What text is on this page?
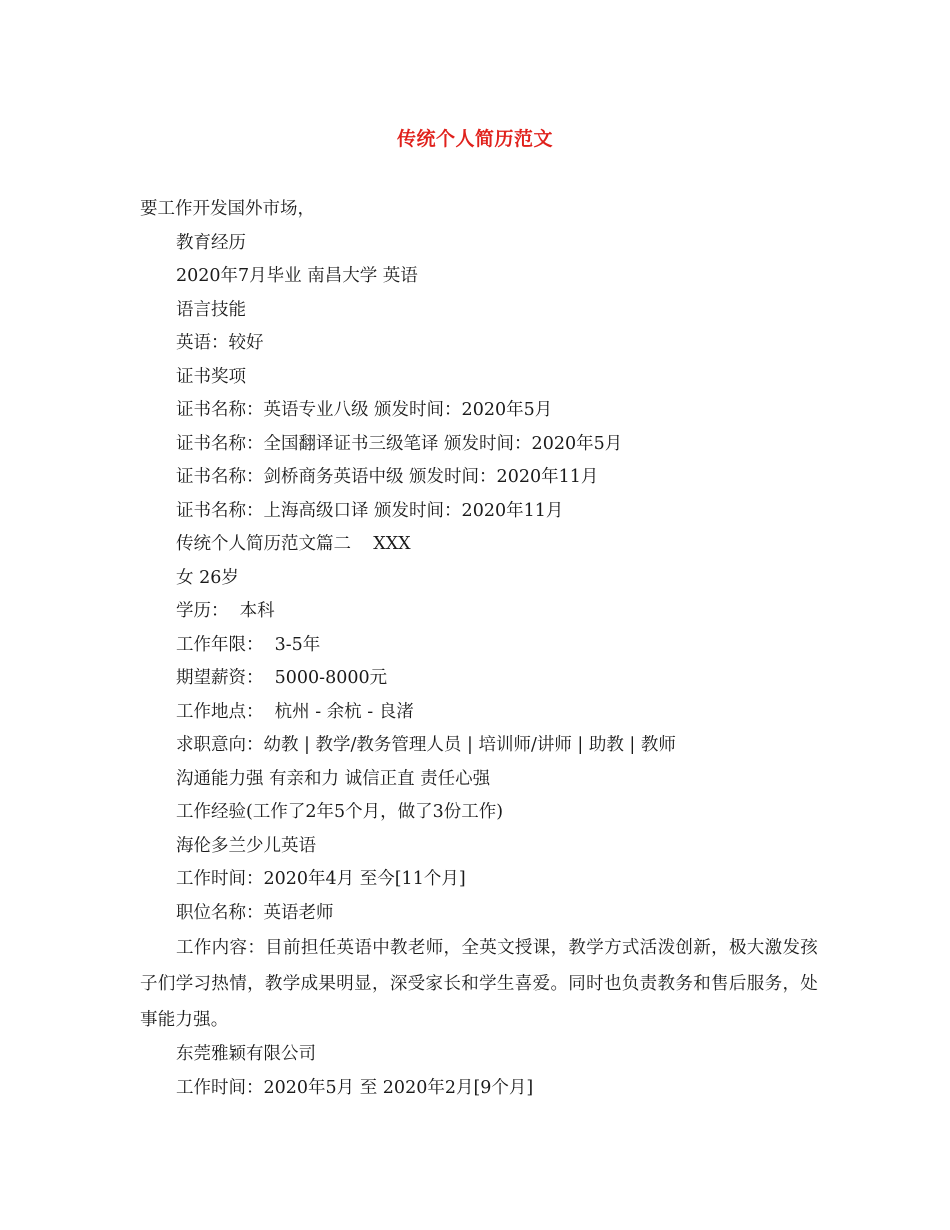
传统个人简历范文
要工作开发国外市场，
教育经历
2020年7月毕业 南昌大学 英语
语言技能
英语：较好
证书奖项
证书名称：英语专业八级 颁发时间：2020年5月
证书名称：全国翻译证书三级笔译 颁发时间：2020年5月
证书名称：剑桥商务英语中级 颁发时间：2020年11月
证书名称：上海高级口译 颁发时间：2020年11月
传统个人简历范文篇二    XXX
女 26岁
学历：  本科
工作年限：  3-5年
期望薪资：  5000-8000元
工作地点：  杭州 - 余杭 - 良渚
求职意向：幼教 | 教学/教务管理人员 | 培训师/讲师 | 助教 | 教师
沟通能力强 有亲和力 诚信正直 责任心强
工作经验(工作了2年5个月，做了3份工作)
海伦多兰少儿英语
工作时间：2020年4月 至今[11个月]
职位名称：英语老师

工作内容：目前担任英语中教老师，全英文授课，教学方式活泼创新，极大激发孩子们学习热情，教学成果明显，深受家长和学生喜爱。同时也负责教务和售后服务，处事能力强。

东莞雅颖有限公司
工作时间：2020年5月 至 2020年2月[9个月]
